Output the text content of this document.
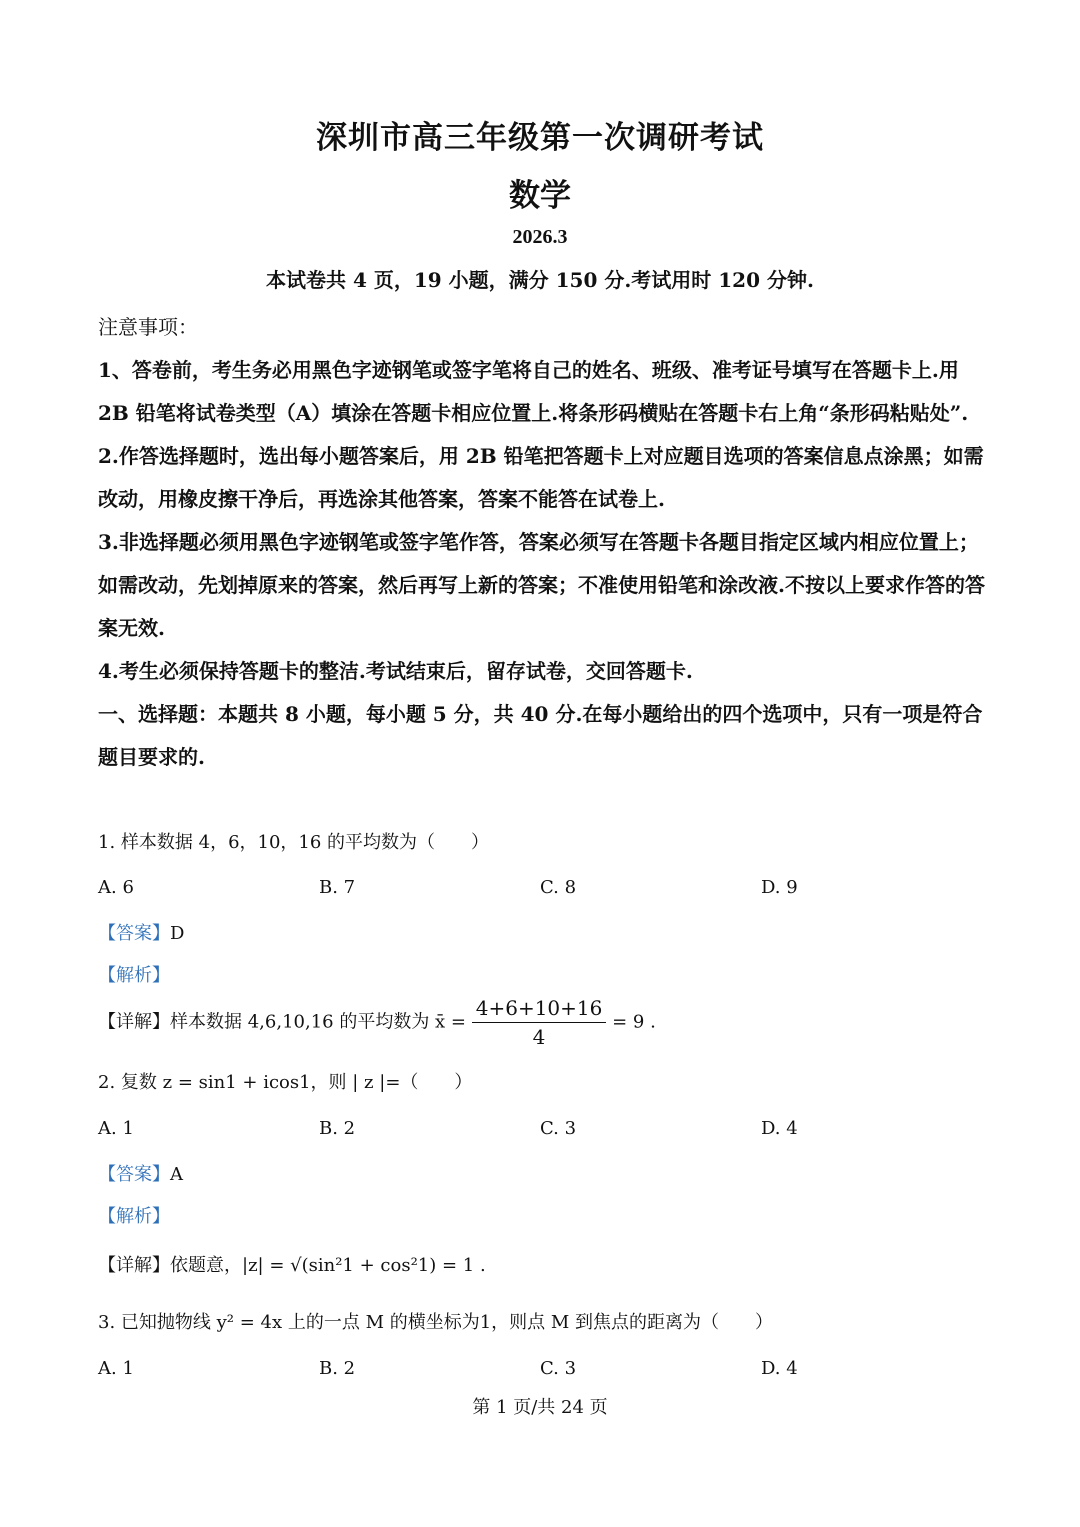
深圳市高三年级第一次调研考试
数学
2026.3
本试卷共 4 页，19 小题，满分 150 分.考试用时 120 分钟.

注意事项：

1、答卷前，考生务必用黑色字迹钢笔或签字笔将自己的姓名、班级、准考证号填写在答题卡上.用 2B 铅笔将试卷类型（A）填涂在答题卡相应位置上.将条形码横贴在答题卡右上角“条形码粘贴处”.

2.作答选择题时，选出每小题答案后，用 2B 铅笔把答题卡上对应题目选项的答案信息点涂黑；如需改动，用橡皮擦干净后，再选涂其他答案，答案不能答在试卷上.

3.非选择题必须用黑色字迹钢笔或签字笔作答，答案必须写在答题卡各题目指定区域内相应位置上；如需改动，先划掉原来的答案，然后再写上新的答案；不准使用铅笔和涂改液.不按以上要求作答的答案无效.

4.考生必须保持答题卡的整洁.考试结束后，留存试卷，交回答题卡.

一、选择题：本题共 8 小题，每小题 5 分，共 40 分.在每小题给出的四个选项中，只有一项是符合题目要求的.

1. 样本数据 4，6，10，16 的平均数为（　　）
A. 6	B. 7	C. 8	D. 9
【答案】D
【解析】
【详解】样本数据 4,6,10,16 的平均数为 x̄ = $\frac{4+6+10+16}{4} = 9$ .
2. 复数 z = sin1 + icos1，则 | z |=（　　）
A. 1	B. 2	C. 3	D. 4
【答案】A
【解析】
【详解】依题意，|z| = √(sin²1 + cos²1) = 1 .
3. 已知抛物线 y² = 4x 上的一点 M 的横坐标为1，则点 M 到焦点的距离为（　　）
A. 1	B. 2	C. 3	D. 4
第 1 页/共 24 页
